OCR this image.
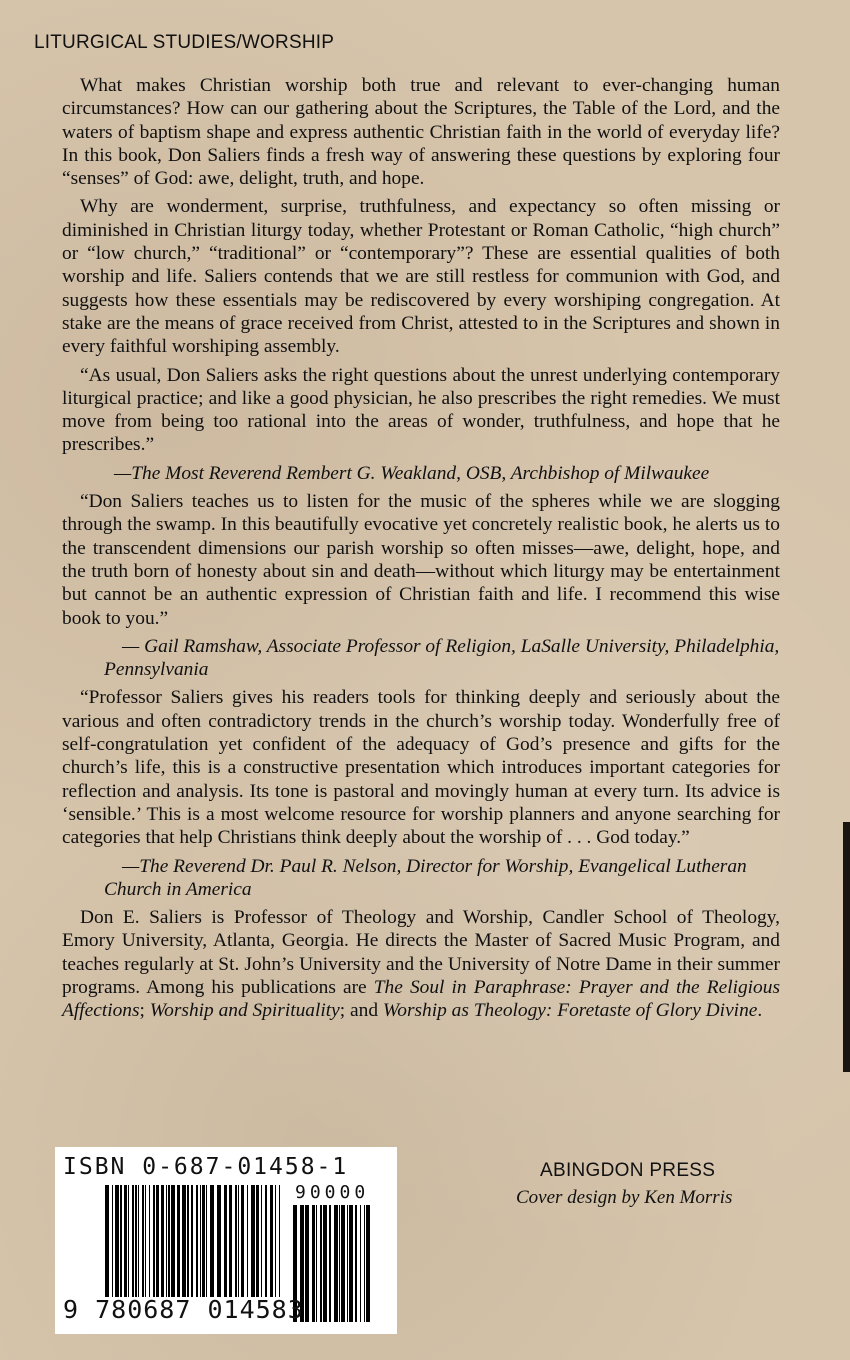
LITURGICAL STUDIES/WORSHIP

What makes Christian worship both true and relevant to ever-changing human circumstances? How can our gathering about the Scriptures, the Table of the Lord, and the waters of baptism shape and express authentic Christian faith in the world of everyday life? In this book, Don Saliers finds a fresh way of answering these questions by exploring four “senses” of God: awe, delight, truth, and hope.

Why are wonderment, surprise, truthfulness, and expectancy so often missing or diminished in Christian liturgy today, whether Protestant or Roman Catholic, “high church” or “low church,” “traditional” or “contemporary”? These are essential qualities of both worship and life. Saliers contends that we are still restless for communion with God, and suggests how these essentials may be rediscovered by every worshiping congregation. At stake are the means of grace received from Christ, attested to in the Scriptures and shown in every faithful worshiping assembly.

“As usual, Don Saliers asks the right questions about the unrest underlying contemporary liturgical practice; and like a good physician, he also prescribes the right remedies. We must move from being too rational into the areas of wonder, truthfulness, and hope that he prescribes.”

—The Most Reverend Rembert G. Weakland, OSB, Archbishop of Milwaukee

“Don Saliers teaches us to listen for the music of the spheres while we are slogging through the swamp. In this beautifully evocative yet concretely realistic book, he alerts us to the transcendent dimensions our parish worship so often misses—awe, delight, hope, and the truth born of honesty about sin and death—without which liturgy may be entertainment but cannot be an authentic expression of Christian faith and life. I recommend this wise book to you.”

— Gail Ramshaw, Associate Professor of Religion, LaSalle University, Philadelphia, Pennsylvania

“Professor Saliers gives his readers tools for thinking deeply and seriously about the various and often contradictory trends in the church’s worship today. Wonderfully free of self-congratulation yet confident of the adequacy of God’s presence and gifts for the church’s life, this is a constructive presentation which introduces important categories for reflection and analysis. Its tone is pastoral and movingly human at every turn. Its advice is ‘sensible.’ This is a most welcome resource for worship planners and anyone searching for categories that help Christians think deeply about the worship of . . . God today.”

—The Reverend Dr. Paul R. Nelson, Director for Worship, Evangelical Lutheran Church in America

Don E. Saliers is Professor of Theology and Worship, Candler School of Theology, Emory University, Atlanta, Georgia. He directs the Master of Sacred Music Program, and teaches regularly at St. John’s University and the University of Notre Dame in their summer programs. Among his publications are The Soul in Paraphrase: Prayer and the Religious Affections; Worship and Spirituality; and Worship as Theology: Foretaste of Glory Divine.

ISBN 0-687-01458-1
90000
9 780687 014583
ABINGDON PRESS
Cover design by Ken Morris
